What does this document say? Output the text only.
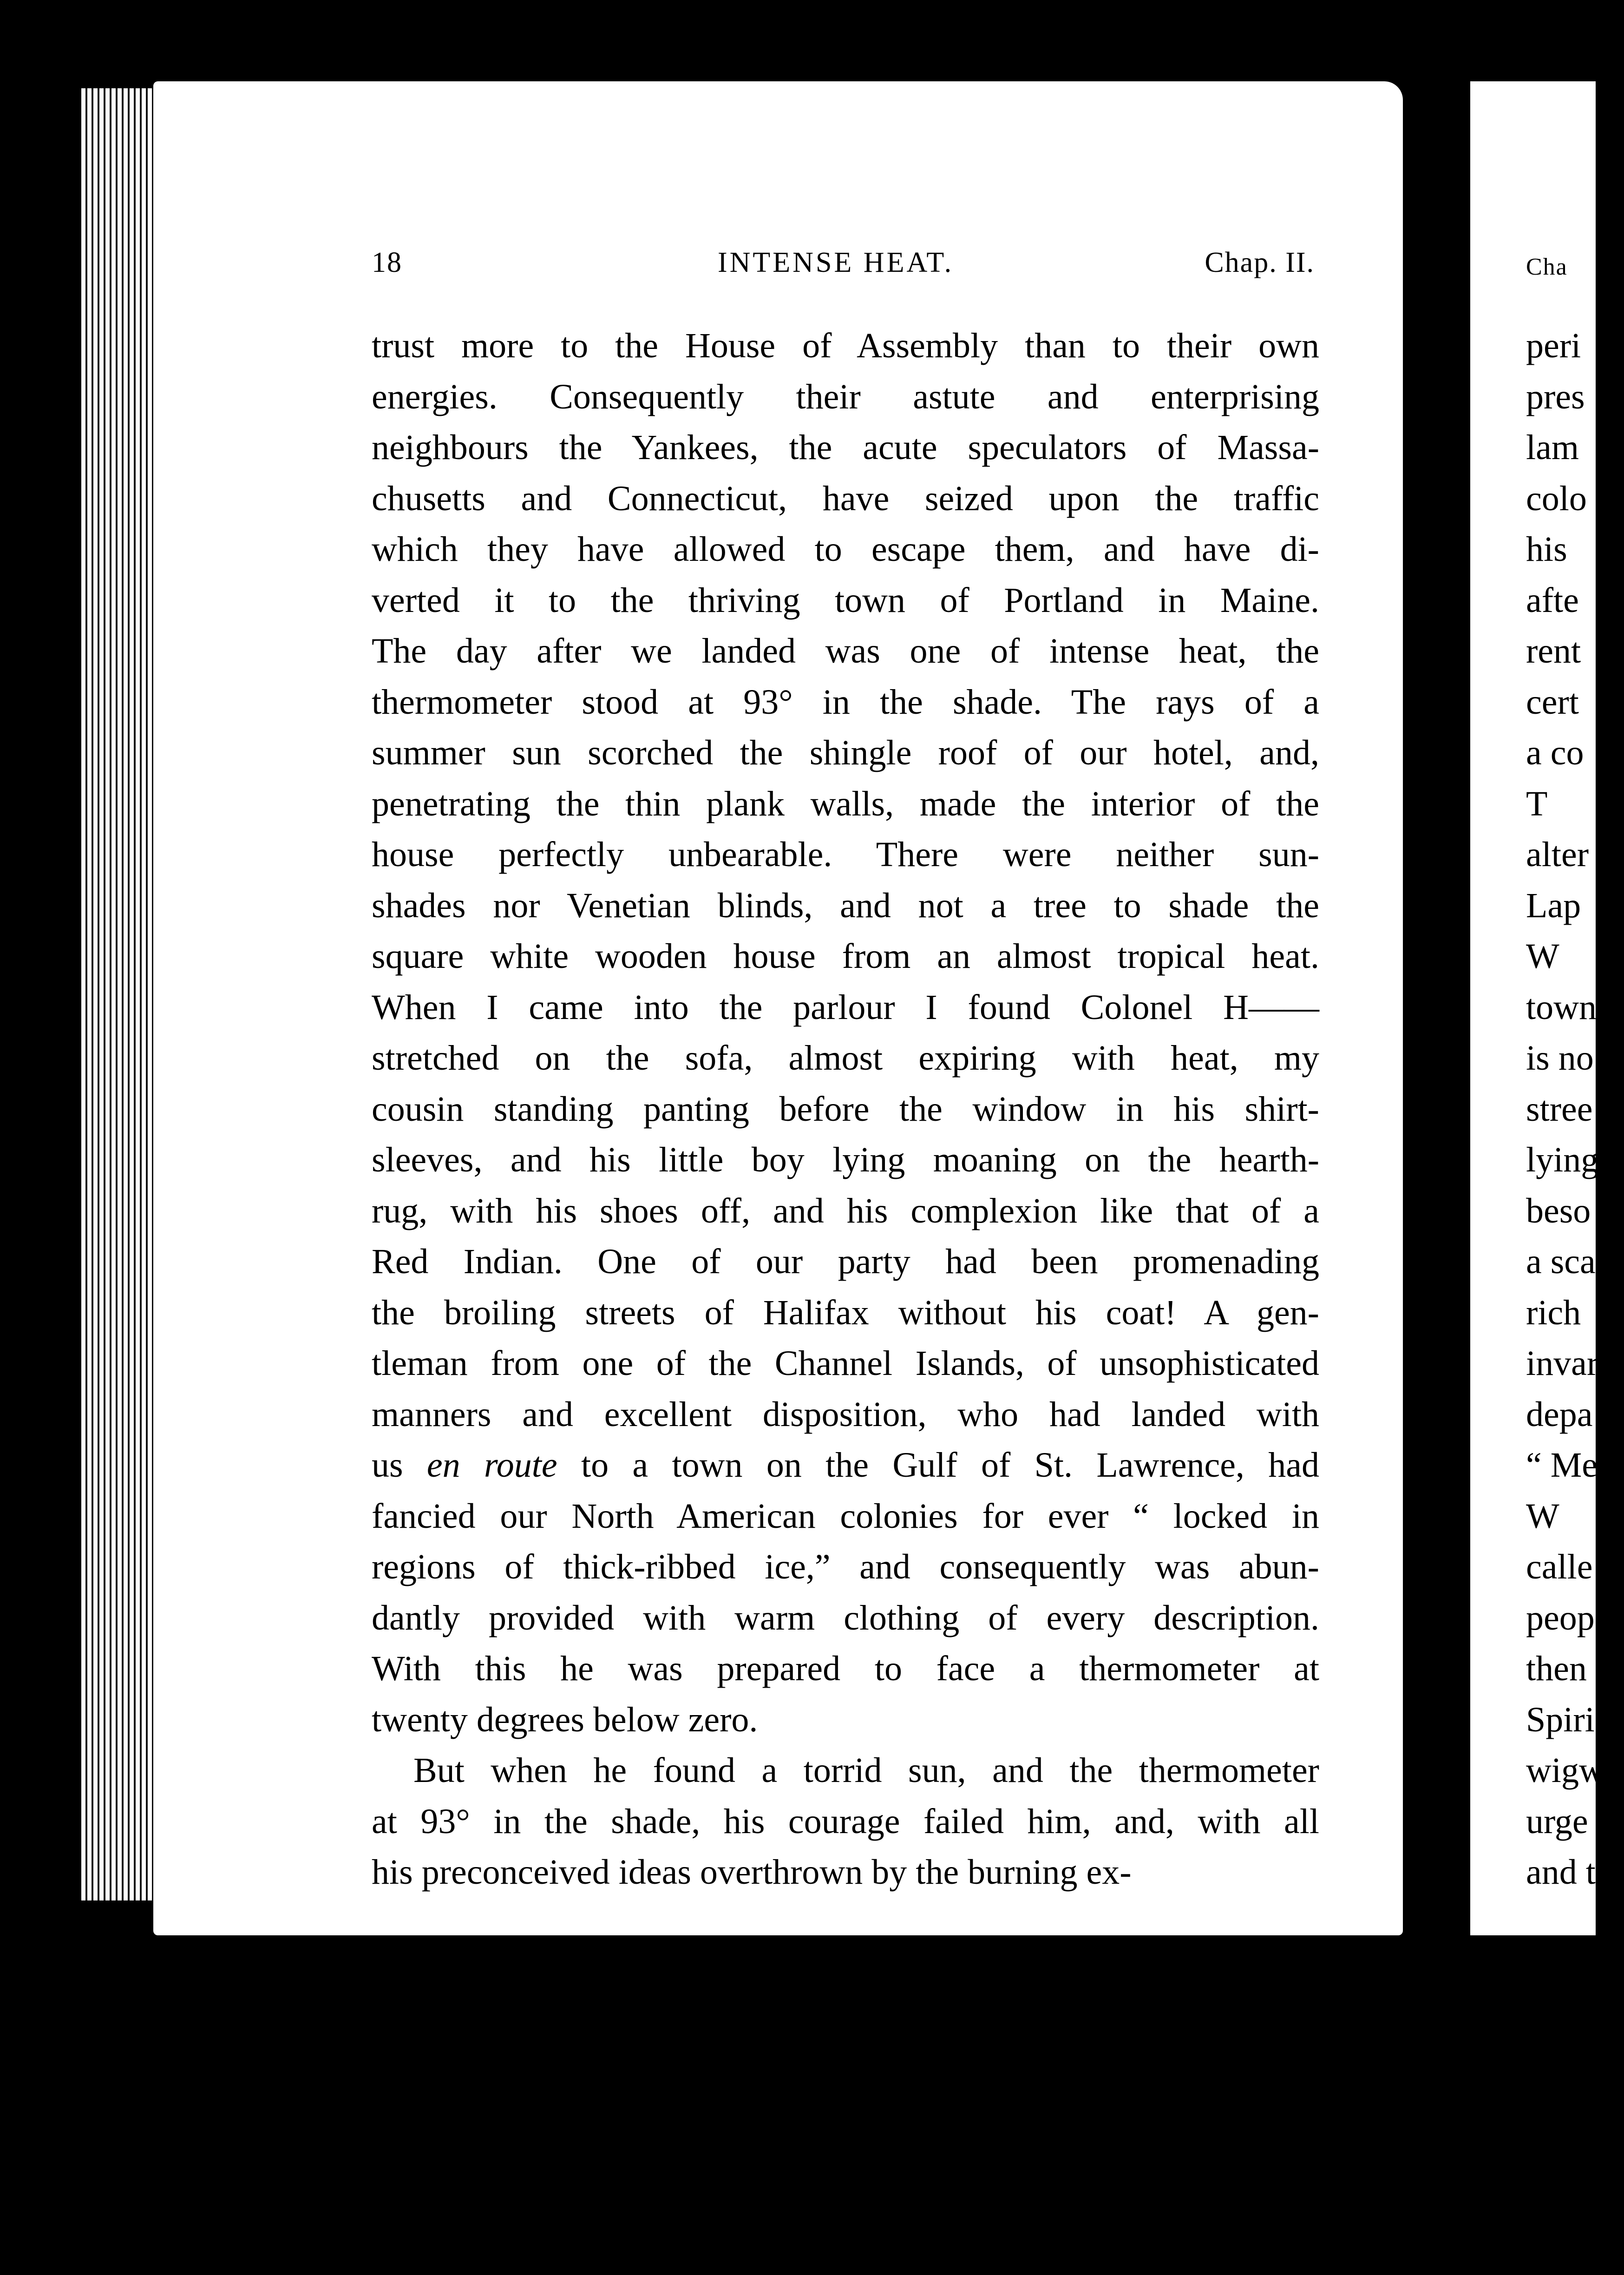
18	INTENSE HEAT.	Chap. II.
trust more to the House of Assembly than to their own
energies. Consequently their astute and enterprising
neighbours the Yankees, the acute speculators of Massa-
chusetts and Connecticut, have seized upon the traffic
which they have allowed to escape them, and have di-
verted it to the thriving town of Portland in Maine.
The day after we landed was one of intense heat, the
thermometer stood at 93° in the shade. The rays of a
summer sun scorched the shingle roof of our hotel, and,
penetrating the thin plank walls, made the interior of the
house perfectly unbearable. There were neither sun-
shades nor Venetian blinds, and not a tree to shade the
square white wooden house from an almost tropical heat.
When I came into the parlour I found Colonel H——
stretched on the sofa, almost expiring with heat, my
cousin standing panting before the window in his shirt-
sleeves, and his little boy lying moaning on the hearth-
rug, with his shoes off, and his complexion like that of a
Red Indian. One of our party had been promenading
the broiling streets of Halifax without his coat! A gen-
tleman from one of the Channel Islands, of unsophisticated
manners and excellent disposition, who had landed with
us en route to a town on the Gulf of St. Lawrence, had
fancied our North American colonies for ever “ locked in
regions of thick-ribbed ice,” and consequently was abun-
dantly provided with warm clothing of every description.
With this he was prepared to face a thermometer at
twenty degrees below zero.
But when he found a torrid sun, and the thermometer
at 93° in the shade, his courage failed him, and, with all
his preconceived ideas overthrown by the burning ex-
Cha
peri
pres
lam
colo
his
afte
rent
cert
a co
T
alter
Lap
W
town
is no
stree
lying
beso
a sca
rich
invar
depa
“ Me
W
calle
peop
then
Spiri
wigw
urge
and t
